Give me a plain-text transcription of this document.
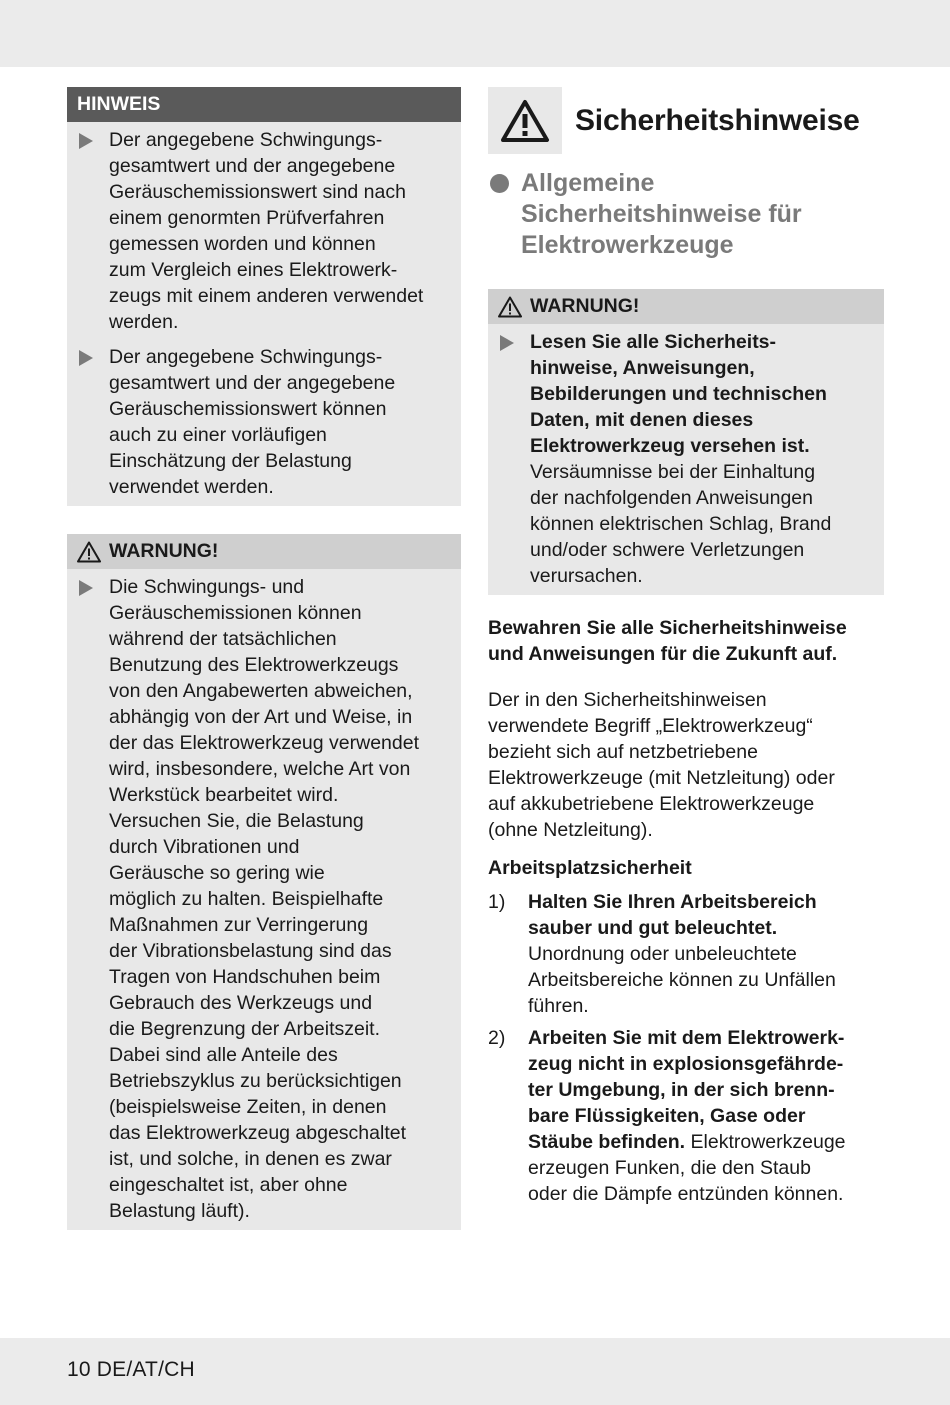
HINWEIS

Der angegebene Schwingungs-
gesamtwert und der angegebene
Geräuschemissionswert sind nach
einem genormten Prüfverfahren
gemessen worden und können
zum Vergleich eines Elektrowerk-
zeugs mit einem anderen verwendet
werden.

Der angegebene Schwingungs-
gesamtwert und der angegebene
Geräuschemissionswert können
auch zu einer vorläufigen
Einschätzung der Belastung
verwendet werden.

WARNUNG!

Die Schwingungs- und
Geräuschemissionen können
während der tatsächlichen
Benutzung des Elektrowerkzeugs
von den Angabewerten abweichen,
abhängig von der Art und Weise, in
der das Elektrowerkzeug verwendet
wird, insbesondere, welche Art von
Werkstück bearbeitet wird.
Versuchen Sie, die Belastung
durch Vibrationen und
Geräusche so gering wie
möglich zu halten. Beispielhafte
Maßnahmen zur Verringerung
der Vibrationsbelastung sind das
Tragen von Handschuhen beim
Gebrauch des Werkzeugs und
die Begrenzung der Arbeitszeit.
Dabei sind alle Anteile des
Betriebszyklus zu berücksichtigen
(beispielsweise Zeiten, in denen
das Elektrowerkzeug abgeschaltet
ist, und solche, in denen es zwar
eingeschaltet ist, aber ohne
Belastung läuft).

Sicherheitshinweise
Allgemeine
Sicherheitshinweise für
Elektrowerkzeuge
WARNUNG!

Lesen Sie alle Sicherheits-
hinweise, Anweisungen,
Bebilderungen und technischen
Daten, mit denen dieses
Elektrowerkzeug versehen ist.
Versäumnisse bei der Einhaltung
der nachfolgenden Anweisungen
können elektrischen Schlag, Brand
und/oder schwere Verletzungen
verursachen.

Bewahren Sie alle Sicherheitshinweise
und Anweisungen für die Zukunft auf.

Der in den Sicherheitshinweisen
verwendete Begriff „Elektrowerkzeug“
bezieht sich auf netzbetriebene
Elektrowerkzeuge (mit Netzleitung) oder
auf akkubetriebene Elektrowerkzeuge
(ohne Netzleitung).

Arbeitsplatzsicherheit

1) Halten Sie Ihren Arbeitsbereich
sauber und gut beleuchtet.
Unordnung oder unbeleuchtete
Arbeitsbereiche können zu Unfällen
führen.
2) Arbeiten Sie mit dem Elektrowerk-
zeug nicht in explosionsgefährde-
ter Umgebung, in der sich brenn-
bare Flüssigkeiten, Gase oder
Stäube befinden. Elektrowerkzeuge
erzeugen Funken, die den Staub
oder die Dämpfe entzünden können.
10 DE/AT/CH
